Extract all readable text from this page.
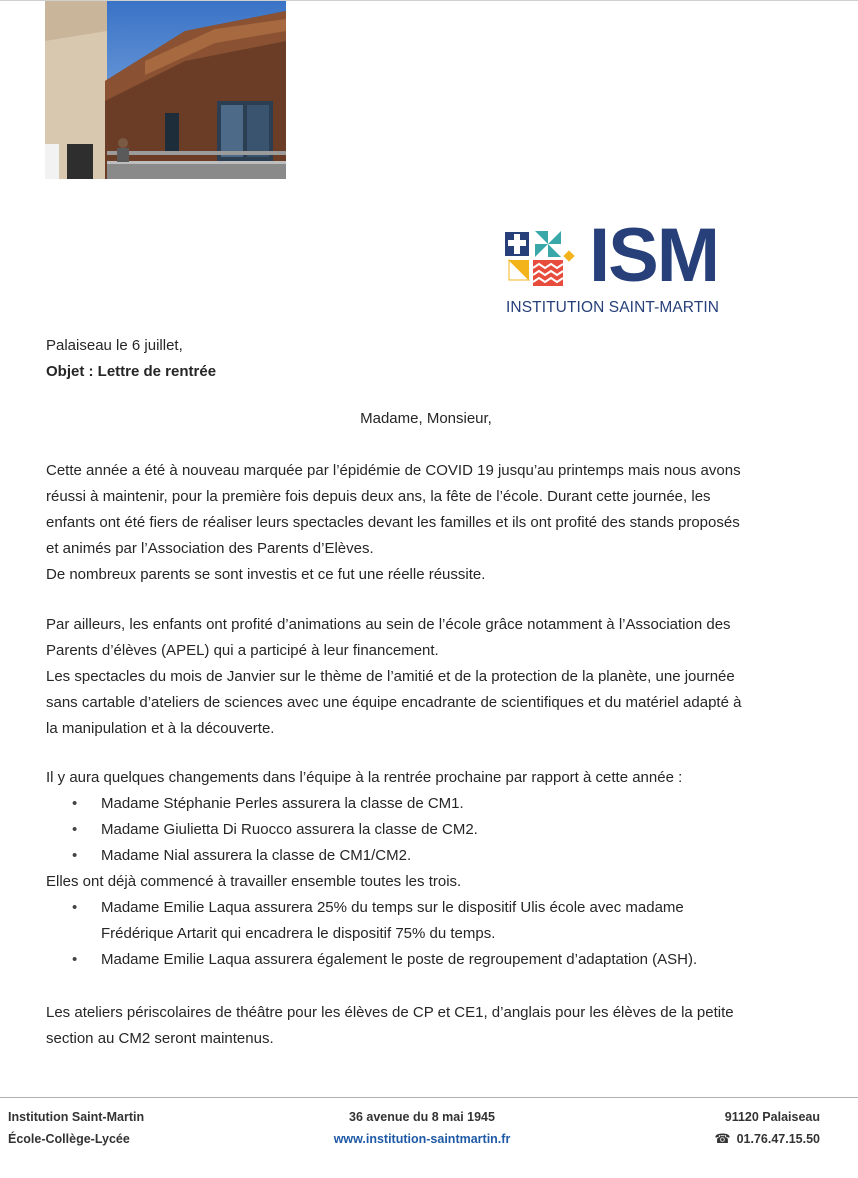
ISM
INSTITUTION SAINT-MARTIN

Palaiseau le 6 juillet,

Objet : Lettre de rentrée

Madame, Monsieur,

Cette année a été à nouveau marquée par l’épidémie de COVID 19 jusqu’au printemps mais nous avons

réussi à maintenir, pour la première fois depuis deux ans, la fête de l’école. Durant cette journée, les

enfants ont été fiers de réaliser leurs spectacles devant les familles et ils ont profité des stands proposés

et animés par l’Association des Parents d’Elèves.

De nombreux parents se sont investis et ce fut une réelle réussite.

Par ailleurs, les enfants ont profité d’animations au sein de l’école grâce notamment à l’Association des

Parents d’élèves (APEL) qui a participé à leur financement.

Les spectacles du mois de Janvier sur le thème de l’amitié et de la protection de la planète, une journée

sans cartable d’ateliers de sciences avec une équipe encadrante de scientifiques et du matériel adapté à

la manipulation et à la découverte.

Il y aura quelques changements dans l’équipe à la rentrée prochaine par rapport à cette année :

• Madame Stéphanie Perles assurera la classe de CM1.
• Madame Giulietta Di Ruocco assurera la classe de CM2.
• Madame Nial assurera la classe de CM1/CM2.

Elles ont déjà commencé à travailler ensemble toutes les trois.

• Madame Emilie Laqua assurera 25% du temps sur le dispositif Ulis école avec madame
Frédérique Artarit qui encadrera le dispositif 75% du temps.
• Madame Emilie Laqua assurera également le poste de regroupement d’adaptation (ASH).

Les ateliers périscolaires de théâtre pour les élèves de CP et CE1, d’anglais pour les élèves de la petite

section au CM2 seront maintenus.

Institution Saint-Martin
École-Collège-Lycée
36 avenue du 8 mai 1945
www.institution-saintmartin.fr
91120 Palaiseau
☎ 01.76.47.15.50
